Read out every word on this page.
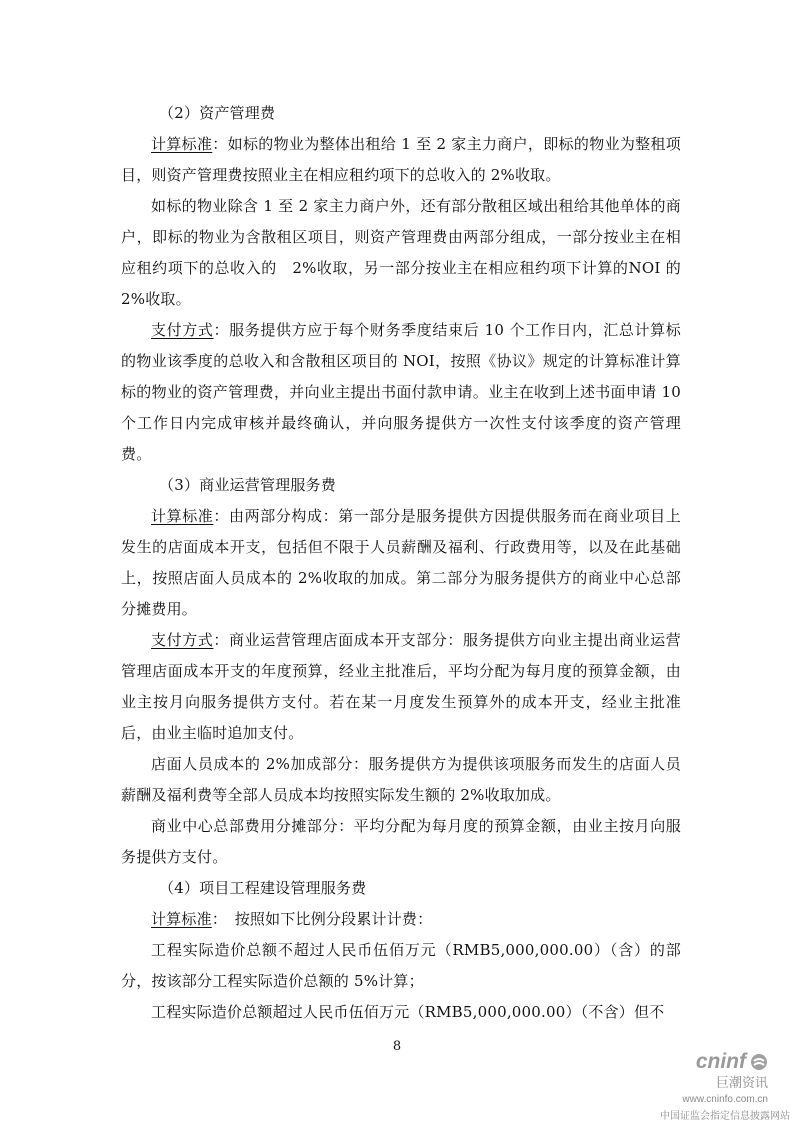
（2）资产管理费

计算标准：如标的物业为整体出租给 1 至 2 家主力商户，即标的物业为整租项目，则资产管理费按照业主在相应租约项下的总收入的 2%收取。

如标的物业除含 1 至 2 家主力商户外，还有部分散租区域出租给其他单体的商户，即标的物业为含散租区项目，则资产管理费由两部分组成，一部分按业主在相应租约项下的总收入的　2%收取，另一部分按业主在相应租约项下计算的NOI 的 2%收取。

支付方式：服务提供方应于每个财务季度结束后 10 个工作日内，汇总计算标的物业该季度的总收入和含散租区项目的 NOI，按照《协议》规定的计算标准计算标的物业的资产管理费，并向业主提出书面付款申请。业主在收到上述书面申请 10 个工作日内完成审核并最终确认，并向服务提供方一次性支付该季度的资产管理费。

（3）商业运营管理服务费

计算标准：由两部分构成：第一部分是服务提供方因提供服务而在商业项目上发生的店面成本开支，包括但不限于人员薪酬及福利、行政费用等，以及在此基础上，按照店面人员成本的 2%收取的加成。第二部分为服务提供方的商业中心总部分摊费用。

支付方式：商业运营管理店面成本开支部分：服务提供方向业主提出商业运营管理店面成本开支的年度预算，经业主批准后，平均分配为每月度的预算金额，由业主按月向服务提供方支付。若在某一月度发生预算外的成本开支，经业主批准后，由业主临时追加支付。

店面人员成本的 2%加成部分：服务提供方为提供该项服务而发生的店面人员薪酬及福利费等全部人员成本均按照实际发生额的 2%收取加成。

商业中心总部费用分摊部分：平均分配为每月度的预算金额，由业主按月向服务提供方支付。

（4）项目工程建设管理服务费

计算标准：　按照如下比例分段累计计费：

工程实际造价总额不超过人民币伍佰万元（RMB5,000,000.00）（含）的部分，按该部分工程实际造价总额的 5%计算；

工程实际造价总额超过人民币伍佰万元（RMB5,000,000.00）（不含）但不

8
cninf
巨潮资讯
www.cninfo.com.cn
中国证监会指定信息披露网站
